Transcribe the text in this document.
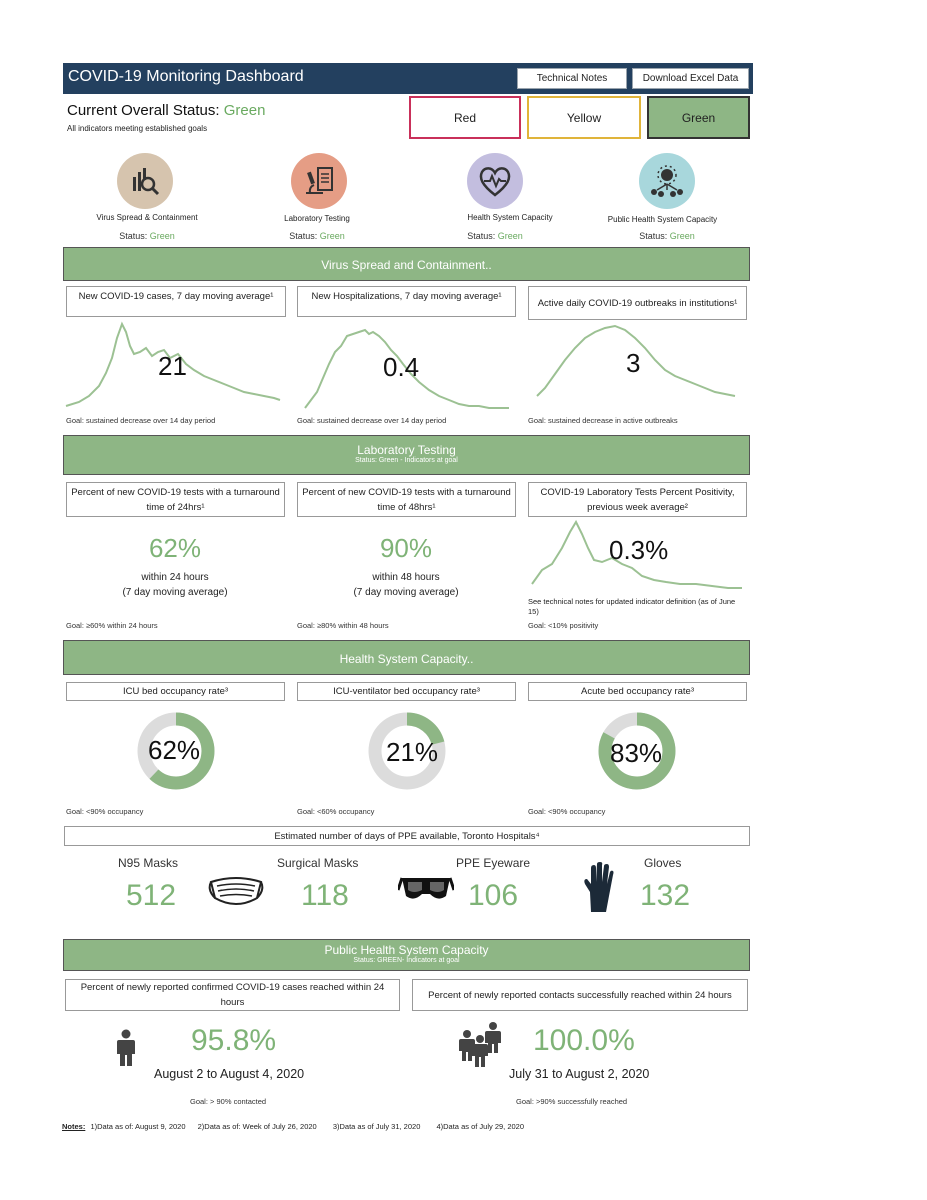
COVID-19 Monitoring Dashboard	Technical Notes	Download Excel Data
Current Overall Status: Green
All indicators meeting established goals
Red	Yellow	Green
Virus Spread & Containment	Laboratory Testing	Health System Capacity	Public Health System Capacity
Status: Green	Status: Green	Status: Green	Status: Green
Virus Spread and Containment..
New COVID-19 cases, 7 day moving average¹	New Hospitalizations, 7 day moving average¹
Active daily COVID-19 outbreaks in institutions¹
21	0.4	3
Goal: sustained decrease over 14 day period	Goal: sustained decrease over 14 day period	Goal: sustained decrease in active outbreaks
Laboratory Testing
Status: Green - Indicators at goal
Percent of new COVID-19 tests with a turnaround time of 24hrs¹
Percent of new COVID-19 tests with a turnaround time of 48hrs¹
COVID-19 Laboratory Tests Percent Positivity, previous week average²
62%
within 24 hours
(7 day moving average)
90%
within 48 hours
(7 day moving average)
0.3%
See technical notes for updated indicator definition (as of June 15)
Goal: ≥60% within 24 hours	Goal: ≥80% within 48 hours	Goal: <10% positivity
Health System Capacity..
ICU bed occupancy rate³	ICU-ventilator bed occupancy rate³	Acute bed occupancy rate³
62%	21%	83%
Goal: <90% occupancy	Goal: <60% occupancy	Goal: <90% occupancy
Estimated number of days of PPE available, Toronto Hospitals⁴
N95 Masks	Surgical Masks	PPE Eyeware	Gloves
512	118	106	132
Public Health System Capacity
Status: GREEN- Indicators at goal
Percent of newly reported confirmed COVID-19 cases reached within 24 hours
Percent of newly reported contacts successfully reached within 24 hours
95.8%	100.0%
August 2 to August 4, 2020	July 31 to August 2, 2020
Goal: > 90% contacted	Goal: >90% successfully reached
Notes: 1)Data as of: August 9, 2020 2)Data as of: Week of July 26, 2020 3)Data as of July 31, 2020 4)Data as of July 29, 2020
